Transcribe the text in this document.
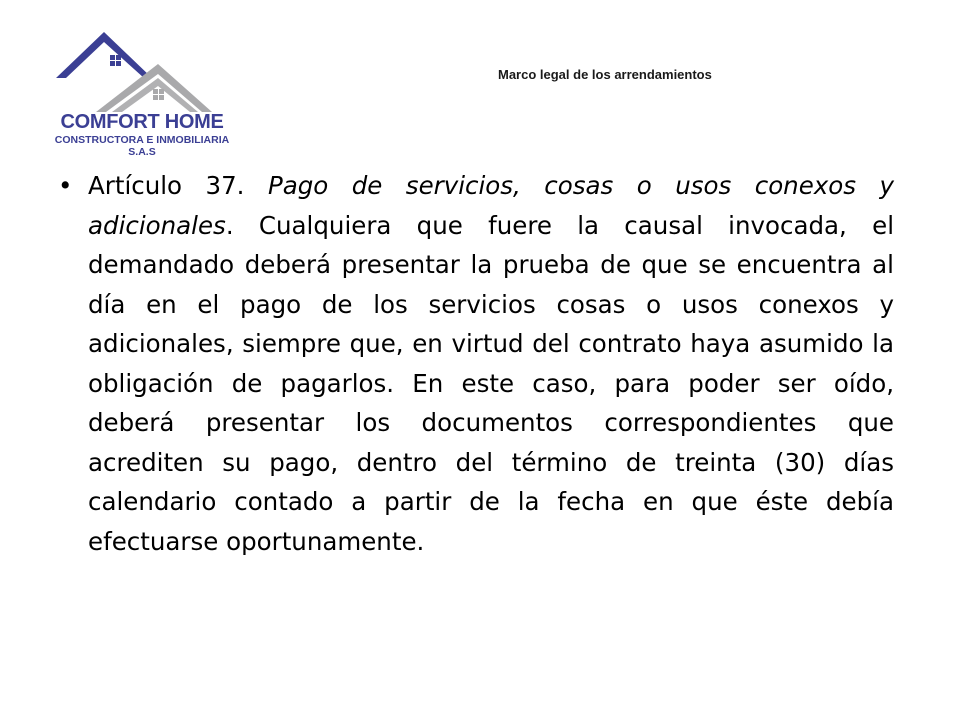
COMFORT HOME
CONSTRUCTORA E INMOBILIARIA
S.A.S
Marco legal de los arrendamientos
• Artículo 37. Pago de servicios, cosas o usos conexos y adicionales. Cualquiera que fuere la causal invocada, el demandado deberá presentar la prueba de que se encuentra al día en el pago de los servicios cosas o usos conexos y adicionales, siempre que, en virtud del contrato haya asumido la obligación de pagarlos. En este caso, para poder ser oído, deberá presentar los documentos correspondientes que acrediten su pago, dentro del término de treinta (30) días calendario contado a partir de la fecha en que éste debía efectuarse oportunamente.
